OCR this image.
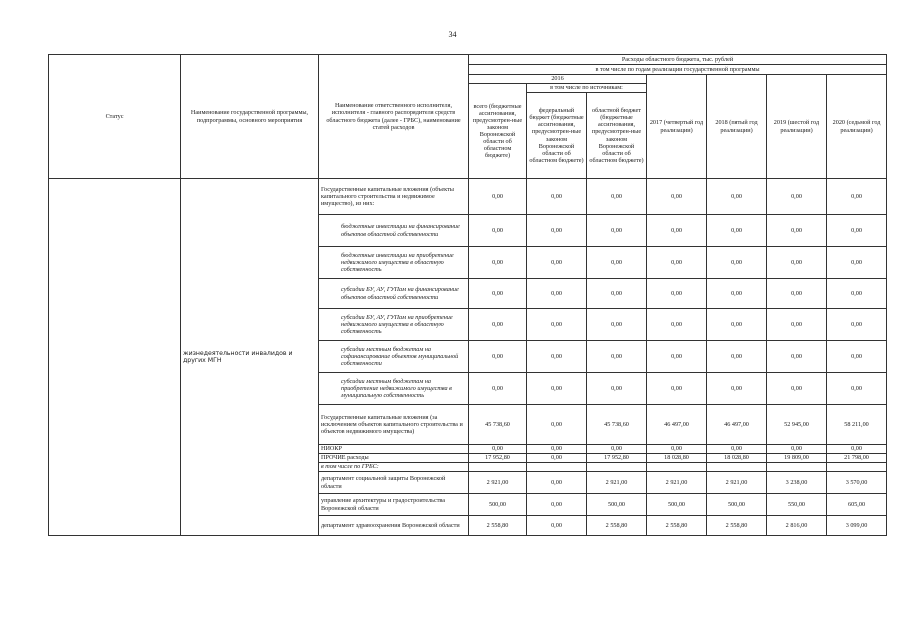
34
Статус	Наименование государственной программы, подпрограммы, основного мероприятия	Наименование ответственного исполнителя, исполнителя - главного распорядителя средств областного бюджета (далее - ГРБС), наименование статей расходов	Расходы областного бюджета, тыс. рублей						
			в том числе по годам реализации государственной программы						
			2016			2017 (четвертый год реализации)	2018 (пятый год реализации)	2019 (шестой год реализации)	2020 (седьмой год реализации)
			всего (бюджетные ассигнования, предусмотрен-ные законом Воронежской области об областном бюджете)	в том числе по источникам:					
				федеральный бюджет (бюджетные ассигнования, предусмотрен-ные законом Воронежской области об областном бюджете)	областной бюджет (бюджетные ассигнования, предусмотрен-ные законом Воронежской области об областном бюджете)				
	жизнедеятельности инвалидов и других МГН	Государственные капитальные вложения (объекты капитального строительства и недвижимое имущество), из них:	0,00	0,00	0,00	0,00	0,00	0,00	0,00
		бюджетные инвестиции на финансирование объектов областной собственности	0,00	0,00	0,00	0,00	0,00	0,00	0,00
		бюджетные инвестиции на приобретение недвижимого имущества в областную собственность	0,00	0,00	0,00	0,00	0,00	0,00	0,00
		субсидии БУ, АУ, ГУПам на финансирование объектов областной собственности	0,00	0,00	0,00	0,00	0,00	0,00	0,00
		субсидии БУ, АУ, ГУПам на приобретение недвижимого имущества в областную собственность	0,00	0,00	0,00	0,00	0,00	0,00	0,00
		субсидии местным бюджетам на софинансирование объектов муниципальной собственности	0,00	0,00	0,00	0,00	0,00	0,00	0,00
		субсидии местным бюджетам на приобретение недвижимого имущества в муниципальную собственность	0,00	0,00	0,00	0,00	0,00	0,00	0,00
		Государственные капитальные вложения (за исключением объектов капитального строительства и объектов недвижимого имущества)	45 738,60	0,00	45 738,60	46 497,00	46 497,00	52 945,00	58 211,00
		НИОКР	0,00	0,00	0,00	0,00	0,00	0,00	0,00
		ПРОЧИЕ расходы	17 952,80	0,00	17 952,80	18 028,80	18 028,80	19 809,00	21 798,00
		в том числе по ГРБС:							
		департамент социальной защиты Воронежской области	2 921,00	0,00	2 921,00	2 921,00	2 921,00	3 238,00	3 570,00
		управление архитектуры и градостроительства Воронежской области	500,00	0,00	500,00	500,00	500,00	550,00	605,00
		департамент здравоохранения Воронежской области	2 558,80	0,00	2 558,80	2 558,80	2 558,80	2 816,00	3 099,00
